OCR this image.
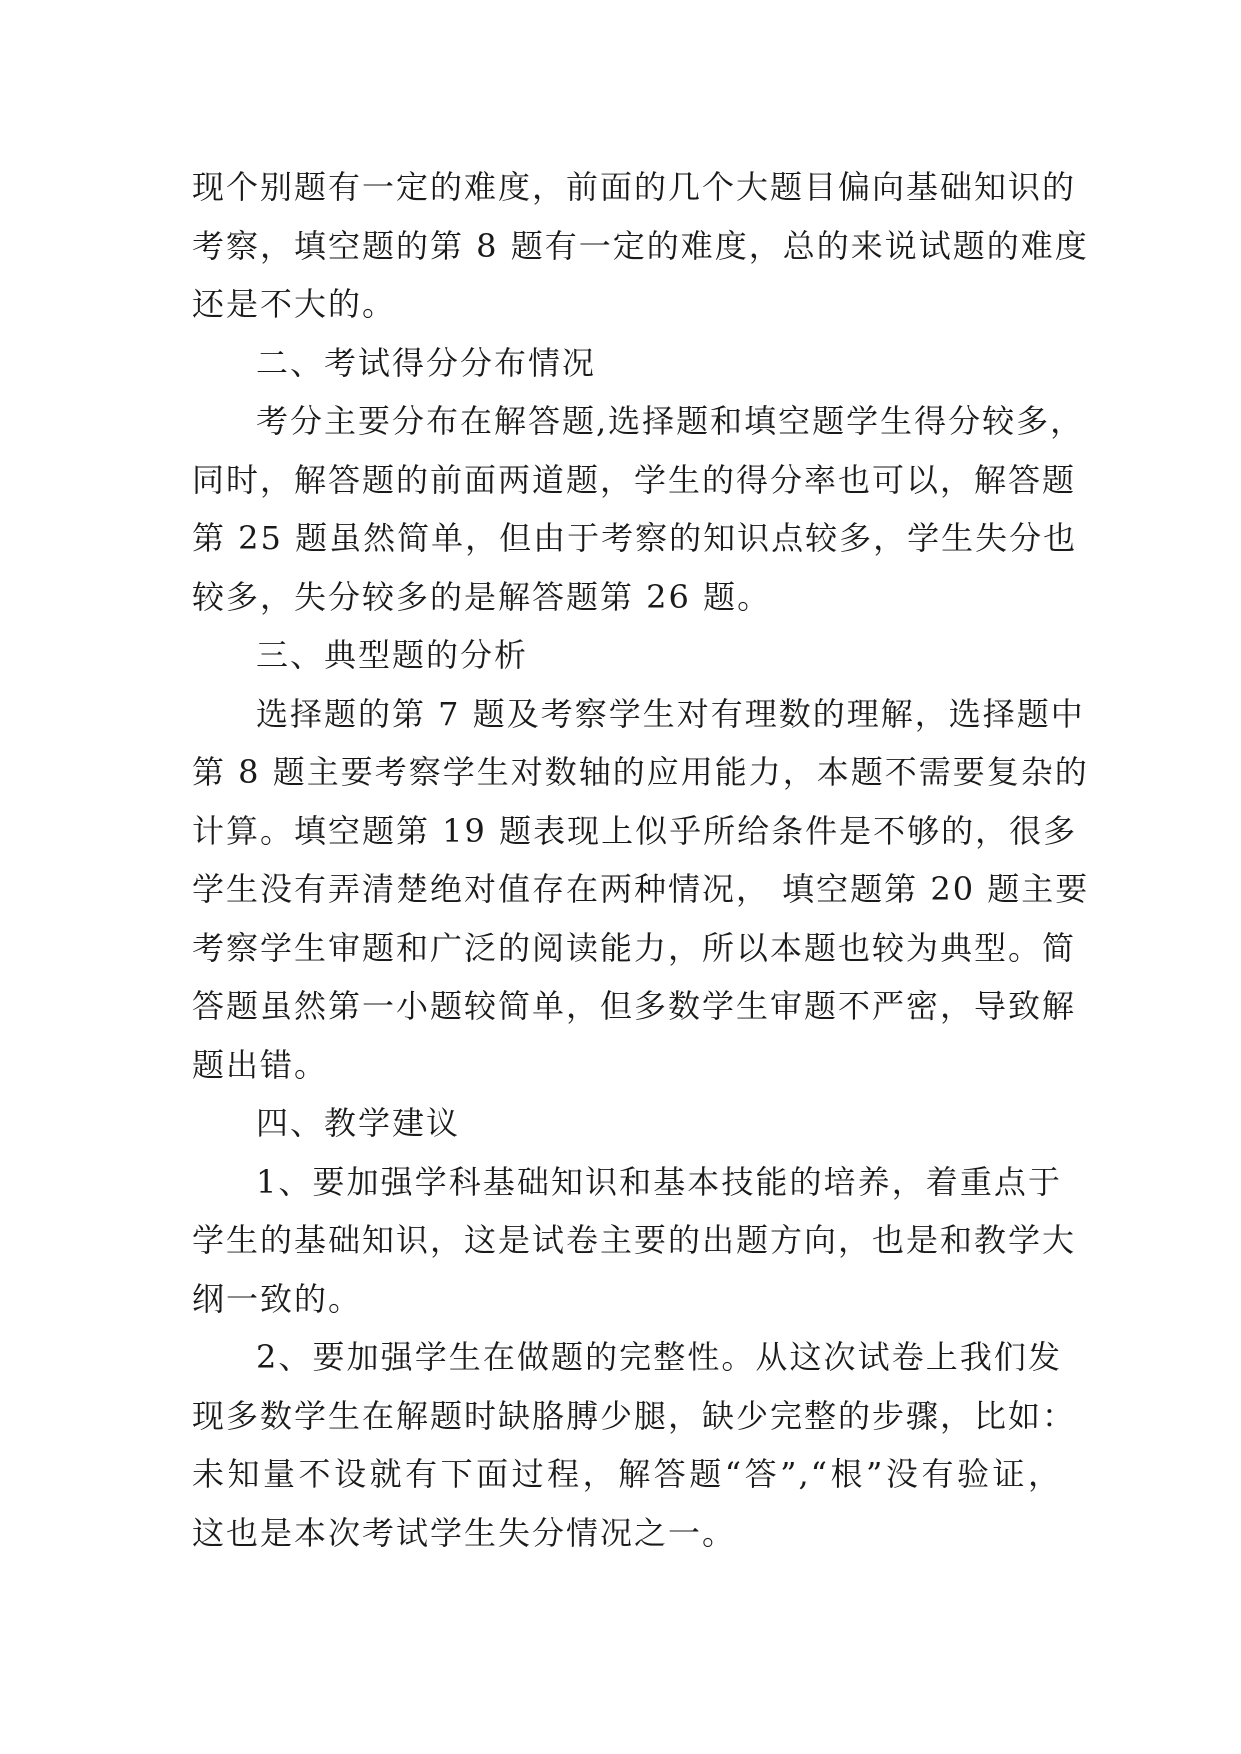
现个别题有一定的难度，前面的几个大题目偏向基础知识的
考察，填空题的第 8 题有一定的难度，总的来说试题的难度
还是不大的。
二、考试得分分布情况
考分主要分布在解答题,选择题和填空题学生得分较多，
同时，解答题的前面两道题，学生的得分率也可以，解答题
第 25 题虽然简单，但由于考察的知识点较多，学生失分也
较多，失分较多的是解答题第 26 题。
三、典型题的分析
选择题的第 7 题及考察学生对有理数的理解，选择题中
第 8 题主要考察学生对数轴的应用能力，本题不需要复杂的
计算。填空题第 19 题表现上似乎所给条件是不够的，很多
学生没有弄清楚绝对值存在两种情况， 填空题第 20 题主要
考察学生审题和广泛的阅读能力，所以本题也较为典型。简
答题虽然第一小题较简单，但多数学生审题不严密，导致解
题出错。
四、教学建议
1、要加强学科基础知识和基本技能的培养，着重点于
学生的基础知识，这是试卷主要的出题方向，也是和教学大
纲一致的。
2、要加强学生在做题的完整性。从这次试卷上我们发
现多数学生在解题时缺胳膊少腿，缺少完整的步骤，比如：
未知量不设就有下面过程，解答题“答”,“根”没有验证，
这也是本次考试学生失分情况之一。
